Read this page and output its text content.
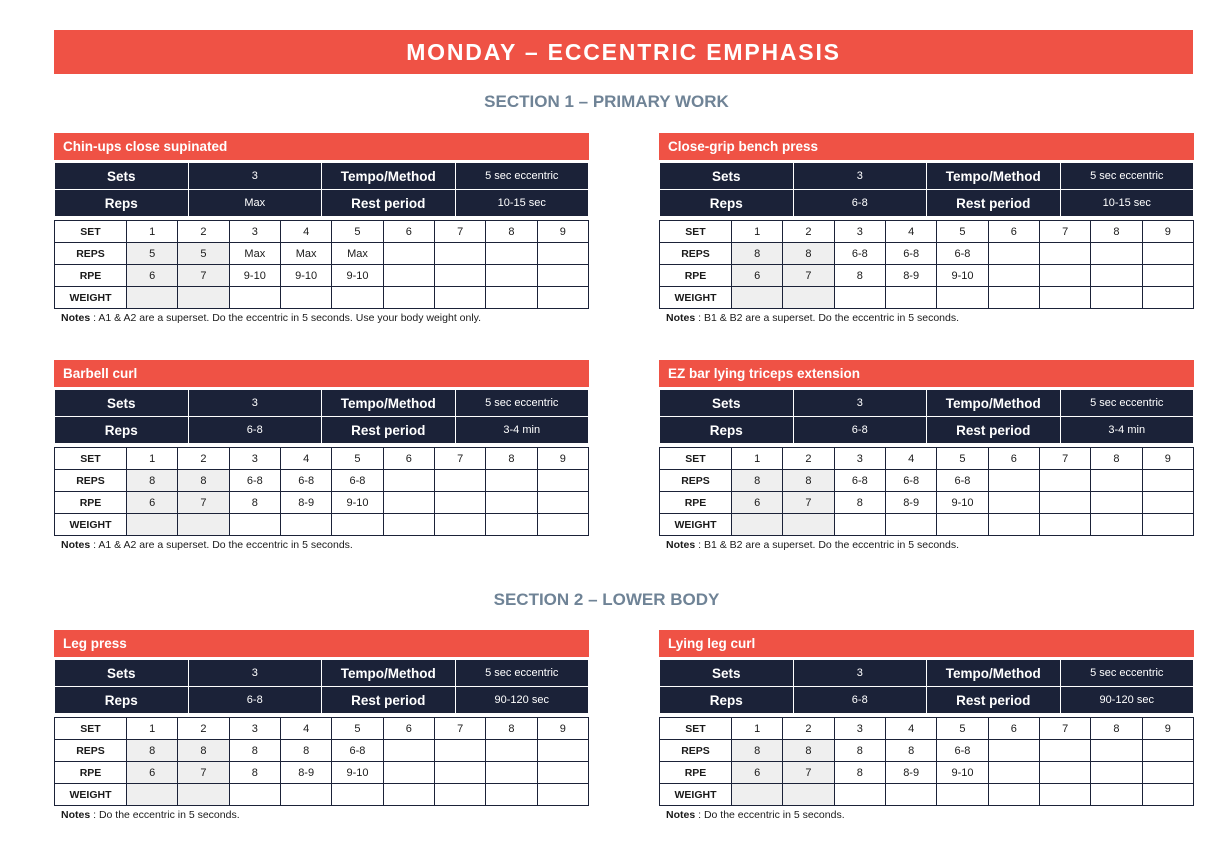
MONDAY – ECCENTRIC EMPHASIS
SECTION 1 – PRIMARY WORK
SECTION 2 – LOWER BODY
Chin-ups close supinated
Sets	3	Tempo/Method	5 sec eccentric
Reps	Max	Rest period	10-15 sec
SET	1	2	3	4	5	6	7	8	9
REPS	5	5	Max	Max	Max				
RPE	6	7	9-10	9-10	9-10				
WEIGHT									
Notes : A1 & A2 are a superset. Do the eccentric in 5 seconds. Use your body weight only.
Close-grip bench press
Sets	3	Tempo/Method	5 sec eccentric
Reps	6-8	Rest period	10-15 sec
SET	1	2	3	4	5	6	7	8	9
REPS	8	8	6-8	6-8	6-8				
RPE	6	7	8	8-9	9-10				
WEIGHT									
Notes : B1 & B2 are a superset. Do the eccentric in 5 seconds.
Barbell curl
Sets	3	Tempo/Method	5 sec eccentric
Reps	6-8	Rest period	3-4 min
SET	1	2	3	4	5	6	7	8	9
REPS	8	8	6-8	6-8	6-8				
RPE	6	7	8	8-9	9-10				
WEIGHT									
Notes : A1 & A2 are a superset. Do the eccentric in 5 seconds.
EZ bar lying triceps extension
Sets	3	Tempo/Method	5 sec eccentric
Reps	6-8	Rest period	3-4 min
SET	1	2	3	4	5	6	7	8	9
REPS	8	8	6-8	6-8	6-8				
RPE	6	7	8	8-9	9-10				
WEIGHT									
Notes : B1 & B2 are a superset. Do the eccentric in 5 seconds.
Leg press
Sets	3	Tempo/Method	5 sec eccentric
Reps	6-8	Rest period	90-120 sec
SET	1	2	3	4	5	6	7	8	9
REPS	8	8	8	8	6-8				
RPE	6	7	8	8-9	9-10				
WEIGHT									
Notes : Do the eccentric in 5 seconds.
Lying leg curl
Sets	3	Tempo/Method	5 sec eccentric
Reps	6-8	Rest period	90-120 sec
SET	1	2	3	4	5	6	7	8	9
REPS	8	8	8	8	6-8				
RPE	6	7	8	8-9	9-10				
WEIGHT									
Notes : Do the eccentric in 5 seconds.
